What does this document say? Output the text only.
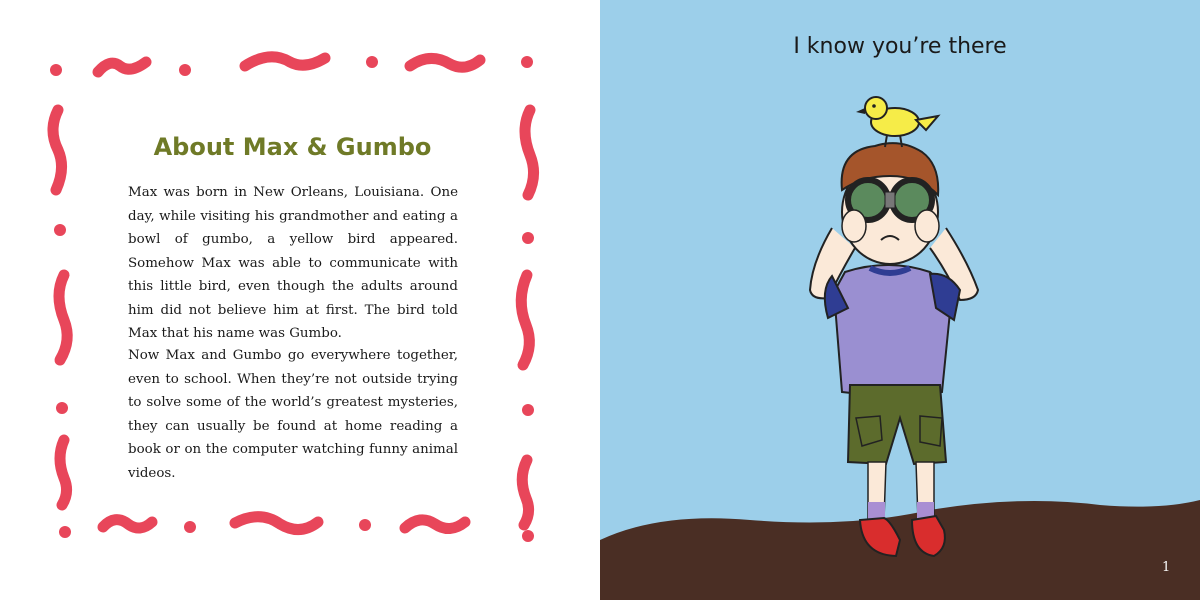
About Max & Gumbo

Max was born in New Orleans, Louisiana. One day, while visiting his grandmother and eating a bowl of gumbo, a yellow bird appeared. Somehow Max was able to communicate with this little bird, even though the adults around him did not believe him at first. The bird told Max that his name was Gumbo.

Now Max and Gumbo go everywhere together, even to school. When they’re not outside trying to solve some of the world’s greatest mysteries, they can usually be found at home reading a book or on the computer watching funny animal videos.

I know you’re there
1
